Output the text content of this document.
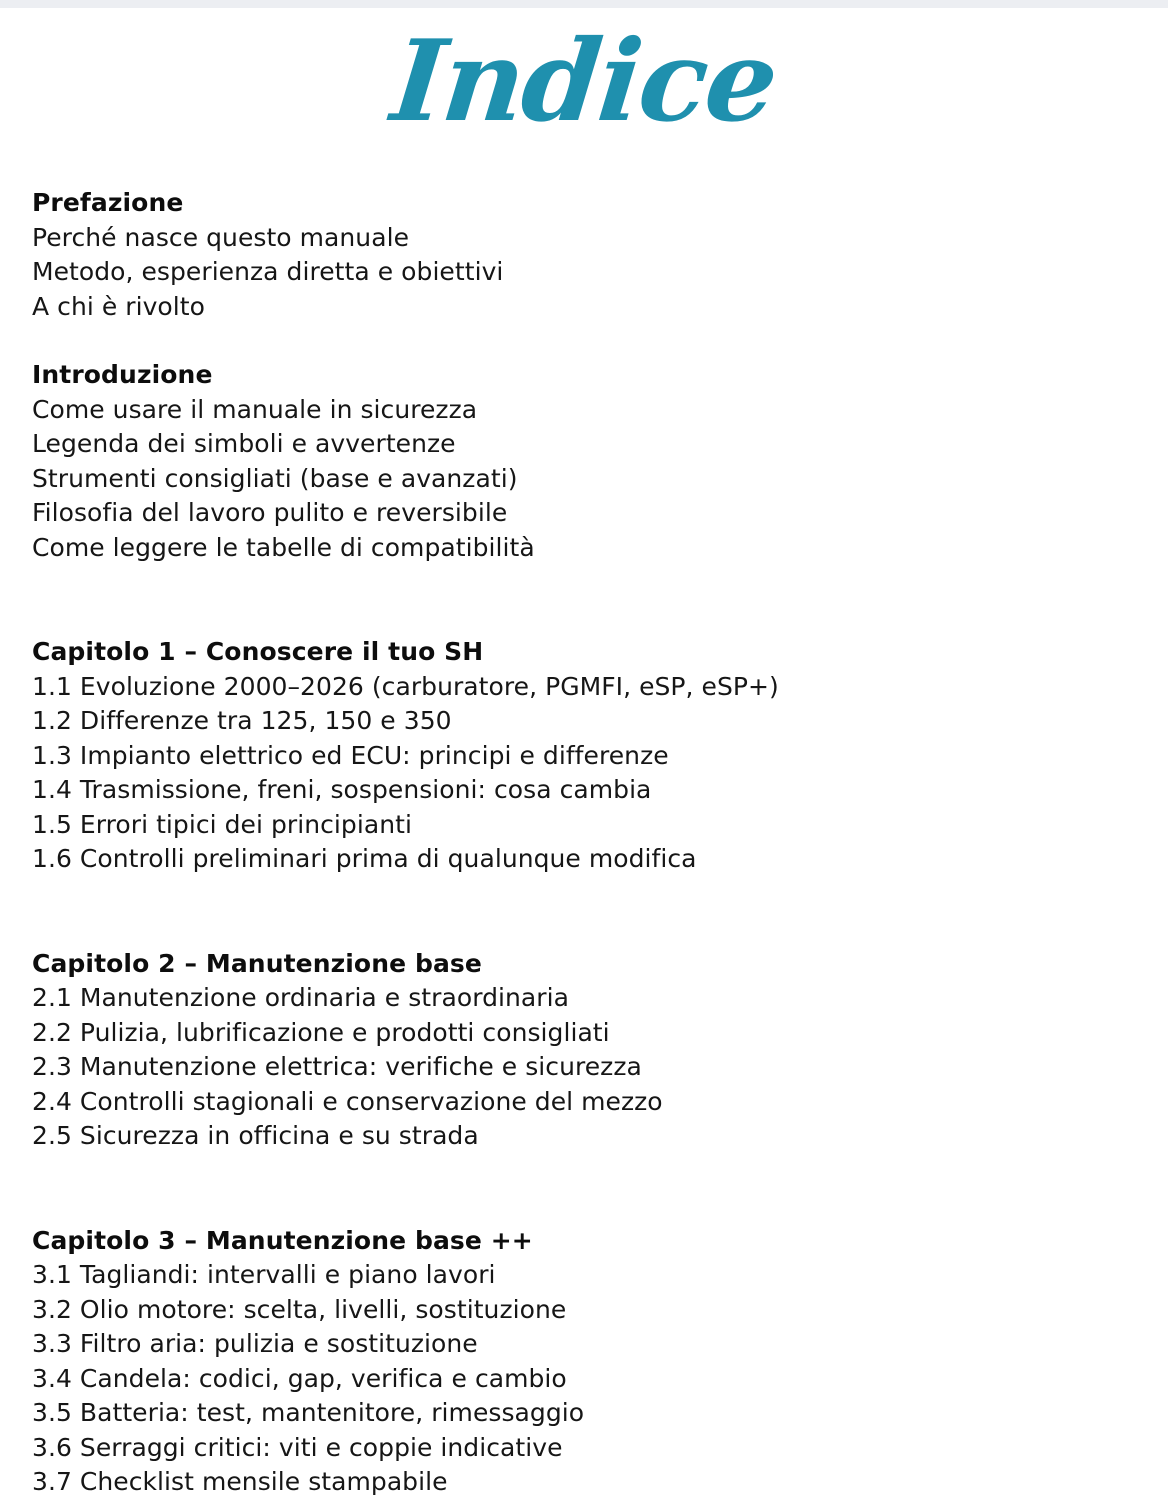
Indice
Prefazione
Perché nasce questo manuale
Metodo, esperienza diretta e obiettivi
A chi è rivolto
Introduzione
Come usare il manuale in sicurezza
Legenda dei simboli e avvertenze
Strumenti consigliati (base e avanzati)
Filosofia del lavoro pulito e reversibile
Come leggere le tabelle di compatibilità
Capitolo 1 – Conoscere il tuo SH
1.1 Evoluzione 2000–2026 (carburatore, PGMFI, eSP, eSP+)
1.2 Differenze tra 125, 150 e 350
1.3 Impianto elettrico ed ECU: principi e differenze
1.4 Trasmissione, freni, sospensioni: cosa cambia
1.5 Errori tipici dei principianti
1.6 Controlli preliminari prima di qualunque modifica
Capitolo 2 – Manutenzione base
2.1 Manutenzione ordinaria e straordinaria
2.2 Pulizia, lubrificazione e prodotti consigliati
2.3 Manutenzione elettrica: verifiche e sicurezza
2.4 Controlli stagionali e conservazione del mezzo
2.5 Sicurezza in officina e su strada
Capitolo 3 – Manutenzione base ++
3.1 Tagliandi: intervalli e piano lavori
3.2 Olio motore: scelta, livelli, sostituzione
3.3 Filtro aria: pulizia e sostituzione
3.4 Candela: codici, gap, verifica e cambio
3.5 Batteria: test, mantenitore, rimessaggio
3.6 Serraggi critici: viti e coppie indicative
3.7 Checklist mensile stampabile
